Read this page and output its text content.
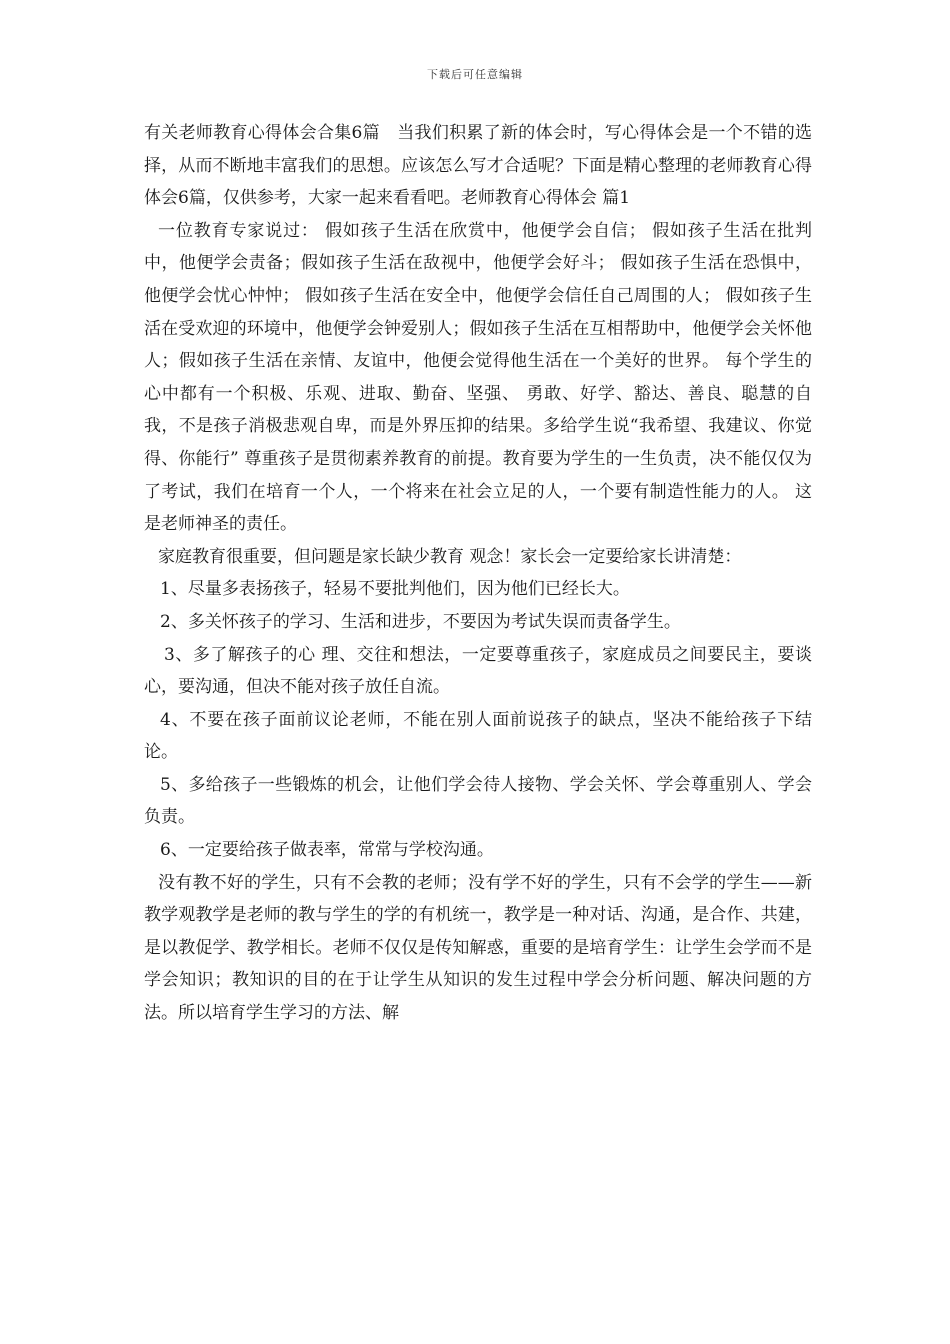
下载后可任意编辑

有关老师教育心得体会合集6篇　当我们积累了新的体会时，写心得体会是一个不错的选择，从而不断地丰富我们的思想。应该怎么写才合适呢？下面是精心整理的老师教育心得体会6篇，仅供参考，大家一起来看看吧。老师教育心得体会 篇1

一位教育专家说过： 假如孩子生活在欣赏中，他便学会自信； 假如孩子生活在批判中，他便学会责备；假如孩子生活在敌视中，他便学会好斗； 假如孩子生活在恐惧中，他便学会忧心忡忡； 假如孩子生活在安全中，他便学会信任自己周围的人； 假如孩子生活在受欢迎的环境中，他便学会钟爱别人；假如孩子生活在互相帮助中，他便学会关怀他人；假如孩子生活在亲情、友谊中，他便会觉得他生活在一个美好的世界。 每个学生的心中都有一个积极、乐观、进取、勤奋、坚强、 勇敢、好学、豁达、善良、聪慧的自我，不是孩子消极悲观自卑，而是外界压抑的结果。多给学生说“我希望、我建议、你觉得、你能行” 尊重孩子是贯彻素养教育的前提。教育要为学生的一生负责，决不能仅仅为了考试，我们在培育一个人，一个将来在社会立足的人，一个要有制造性能力的人。 这是老师神圣的责任。

家庭教育很重要，但问题是家长缺少教育 观念！家长会一定要给家长讲清楚：

1、尽量多表扬孩子，轻易不要批判他们，因为他们已经长大。

2、多关怀孩子的学习、生活和进步，不要因为考试失误而责备学生。

3、多了解孩子的心 理、交往和想法，一定要尊重孩子，家庭成员之间要民主，要谈心，要沟通，但决不能对孩子放任自流。

4、不要在孩子面前议论老师，不能在别人面前说孩子的缺点，坚决不能给孩子下结论。

5、多给孩子一些锻炼的机会，让他们学会待人接物、学会关怀、学会尊重别人、学会负责。

6、一定要给孩子做表率，常常与学校沟通。

没有教不好的学生，只有不会教的老师；没有学不好的学生，只有不会学的学生——新教学观教学是老师的教与学生的学的有机统一，教学是一种对话、沟通，是合作、共建，是以教促学、教学相长。老师不仅仅是传知解惑，重要的是培育学生：让学生会学而不是学会知识；教知识的目的在于让学生从知识的发生过程中学会分析问题、解决问题的方法。所以培育学生学习的方法、解
